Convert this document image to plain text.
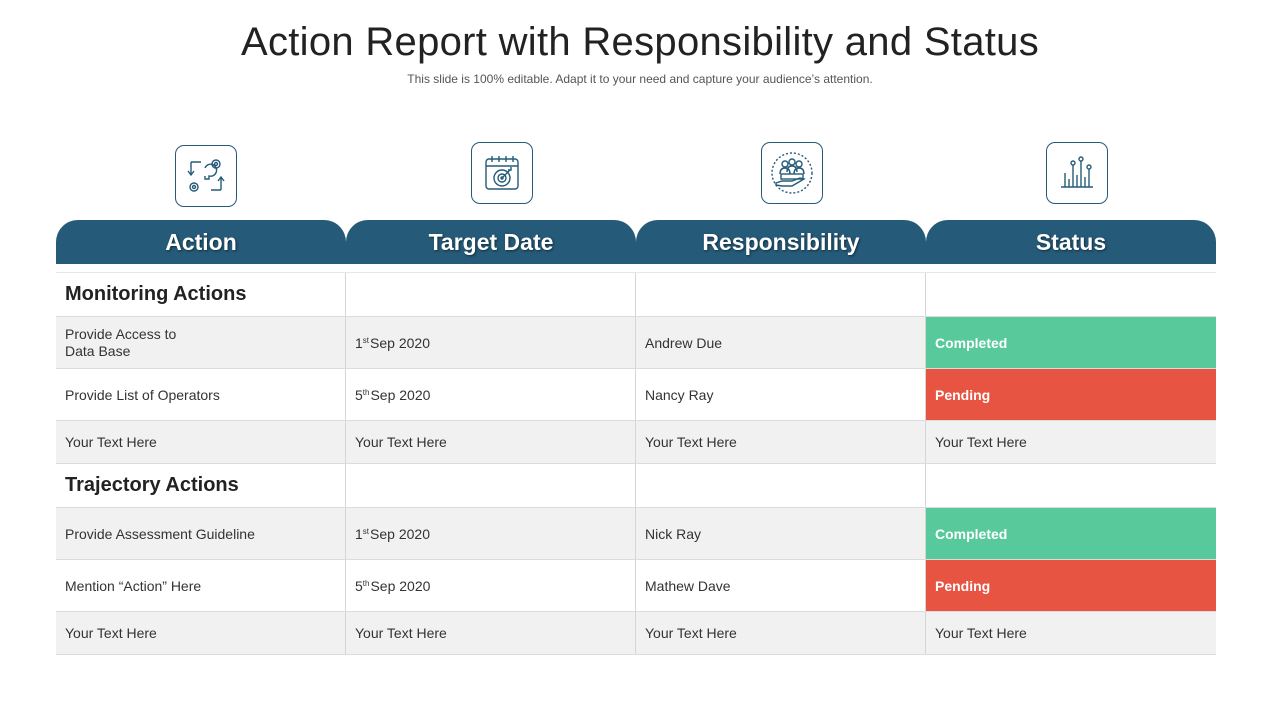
Action Report with Responsibility and Status
This slide is 100% editable. Adapt it to your need and capture your audience’s attention.
Action	Target Date	Responsibility	Status
Monitoring Actions
Provide Access to
Data Base	1st Sep 2020	Andrew Due	Completed
Provide List of Operators	5th Sep 2020	Nancy Ray	Pending
Your Text Here	Your Text Here	Your Text Here	Your Text Here
Trajectory Actions
Provide Assessment Guideline	1st Sep 2020	Nick Ray	Completed
Mention “Action” Here	5th Sep 2020	Mathew Dave	Pending
Your Text Here	Your Text Here	Your Text Here	Your Text Here
